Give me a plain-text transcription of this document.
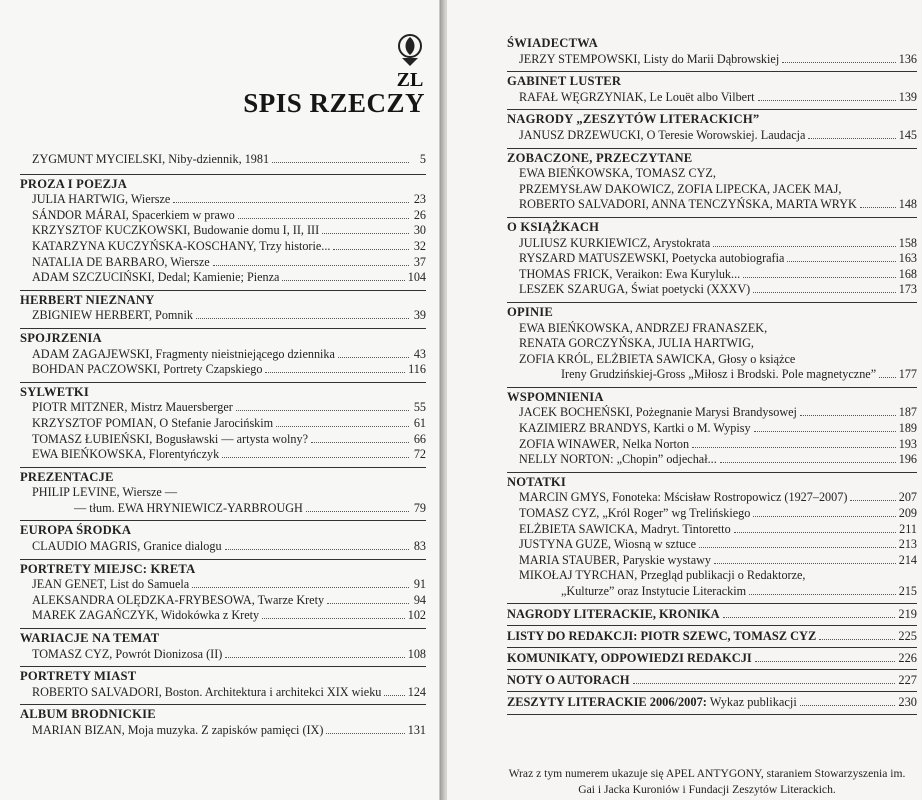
ZL
SPIS RZECZY
ZYGMUNT MYCIELSKI, Niby-dziennik, 1981	5
PROZA I POEZJA
JULIA HARTWIG, Wiersze	23
SÁNDOR MÁRAI, Spacerkiem w prawo	26
KRZYSZTOF KUCZKOWSKI, Budowanie domu I, II, III	30
KATARZYNA KUCZYŃSKA-KOSCHANY, Trzy historie...	32
NATALIA DE BARBARO, Wiersze	37
ADAM SZCZUCIŃSKI, Dedal; Kamienie; Pienza	104
HERBERT NIEZNANY
ZBIGNIEW HERBERT, Pomnik	39
SPOJRZENIA
ADAM ZAGAJEWSKI, Fragmenty nieistniejącego dziennika	43
BOHDAN PACZOWSKI, Portrety Czapskiego	116
SYLWETKI
PIOTR MITZNER, Mistrz Mauersberger	55
KRZYSZTOF POMIAN, O Stefanie Jarocińskim	61
TOMASZ ŁUBIEŃSKI, Bogusławski — artysta wolny?	66
EWA BIEŃKOWSKA, Florentyńczyk	72
PREZENTACJE
PHILIP LEVINE, Wiersze —
— tłum. EWA HRYNIEWICZ-YARBROUGH	79
EUROPA ŚRODKA
CLAUDIO MAGRIS, Granice dialogu	83
PORTRETY MIEJSC: KRETA
JEAN GENET, List do Samuela	91
ALEKSANDRA OLĘDZKA-FRYBESOWA, Twarze Krety	94
MAREK ZAGAŃCZYK, Widokówka z Krety	102
WARIACJE NA TEMAT
TOMASZ CYZ, Powrót Dionizosa (II)	108
PORTRETY MIAST
ROBERTO SALVADORI, Boston. Architektura i architekci XIX wieku 124
ALBUM BRODNICKIE
MARIAN BIZAN, Moja muzyka. Z zapisków pamięci (IX)	131
ŚWIADECTWA
JERZY STEMPOWSKI, Listy do Marii Dąbrowskiej	136
GABINET LUSTER
RAFAŁ WĘGRZYNIAK, Le Louët albo Vilbert	139
NAGRODY „ZESZYTÓW LITERACKICH”
JANUSZ DRZEWUCKI, O Teresie Worowskiej. Laudacja	145
ZOBACZONE, PRZECZYTANE
EWA BIEŃKOWSKA, TOMASZ CYZ,
PRZEMYSŁAW DAKOWICZ, ZOFIA LIPECKA, JACEK MAJ,
ROBERTO SALVADORI, ANNA TENCZYŃSKA, MARTA WRYK	148
O KSIĄŻKACH
JULIUSZ KURKIEWICZ, Arystokrata	158
RYSZARD MATUSZEWSKI, Poetycka autobiografia	163
THOMAS FRICK, Veraikon: Ewa Kuryluk...	168
LESZEK SZARUGA, Świat poetycki (XXXV)	173
OPINIE
EWA BIEŃKOWSKA, ANDRZEJ FRANASZEK,
RENATA GORCZYŃSKA, JULIA HARTWIG,
ZOFIA KRÓL, ELŻBIETA SAWICKA, Głosy o książce
Ireny Grudzińskiej-Gross „Miłosz i Brodski. Pole magnetyczne” 177
WSPOMNIENIA
JACEK BOCHEŃSKI, Pożegnanie Marysi Brandysowej	187
KAZIMIERZ BRANDYS, Kartki o M. Wypisy	189
ZOFIA WINAWER, Nelka Norton	193
NELLY NORTON: „Chopin” odjechał...	196
NOTATKI
MARCIN GMYS, Fonoteka: Mścisław Rostropowicz (1927–2007)	207
TOMASZ CYZ, „Król Roger” wg Trelińskiego	209
ELŻBIETA SAWICKA, Madryt. Tintoretto	211
JUSTYNA GUZE, Wiosną w sztuce	213
MARIA STAUBER, Paryskie wystawy	214
MIKOŁAJ TYRCHAN, Przegląd publikacji o Redaktorze,
„Kulturze” oraz Instytucie Literackim	215
NAGRODY LITERACKIE, KRONIKA	219
LISTY DO REDAKCJI: PIOTR SZEWC, TOMASZ CYZ	225
KOMUNIKATY, ODPOWIEDZI REDAKCJI	226
NOTY O AUTORACH	227
ZESZYTY LITERACKIE 2006/2007: Wykaz publikacji	230
Wraz z tym numerem ukazuje się APEL ANTYGONY, staraniem Stowarzyszenia im. Gai i Jacka Kuroniów i Fundacji Zeszytów Literackich.
